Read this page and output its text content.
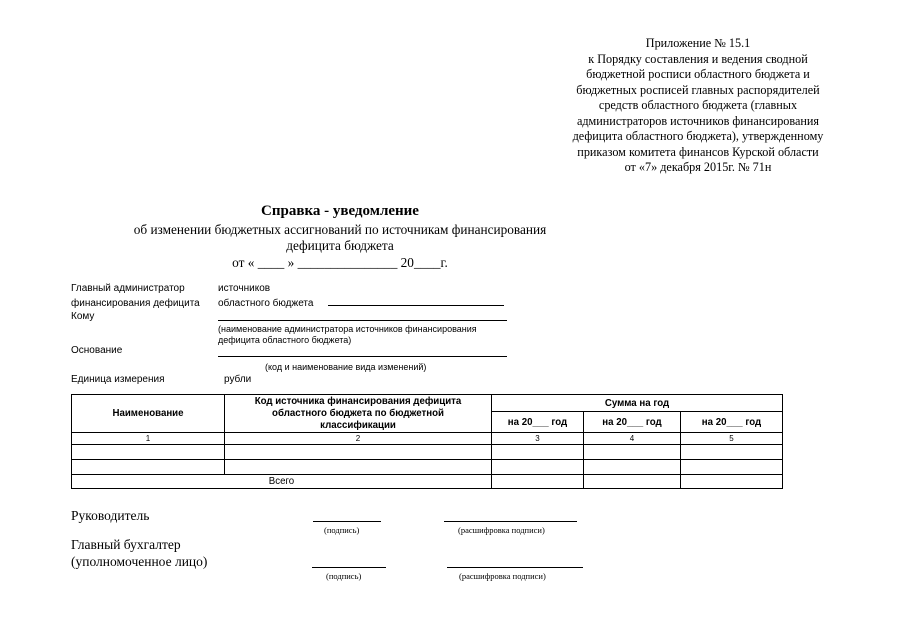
Приложение № 15.1
к Порядку составления и ведения сводной
бюджетной росписи областного бюджета и
бюджетных росписей главных распорядителей
средств областного бюджета (главных
администраторов источников финансирования
дефицита областного бюджета), утвержденному
приказом комитета финансов Курской области
от «7» декабря 2015г. № 71н
Справка - уведомление
об изменении бюджетных ассигнований по источникам финансирования
дефицита бюджета
от « ____ » _______________ 20____г.
Главный администратор
финансирования дефицита
источников
областного бюджета
Кому
(наименование администратора источников финансирования
дефицита областного бюджета)
Основание
(код и наименование вида изменений)
Единица измерения	рубли
Наименование	Код источника финансирования дефицита областного бюджета по бюджетной классификации	Сумма на год		
		на 20___ год	на 20___ год	на 20___ год
1	2	3	4	5

Всего				
Руководитель
(подпись)	(расшифровка подписи)
Главный бухгалтер
(уполномоченное лицо)
(подпись)	(расшифровка подписи)
